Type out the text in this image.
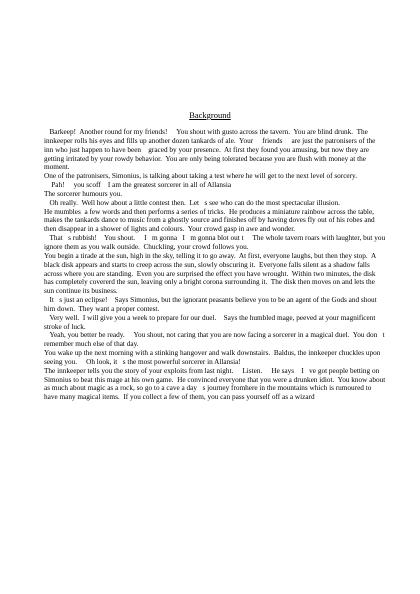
Background

Barkeep!  Another round for my friends!     You shout with gusto across the tavern.  You are blind drunk.  The innkeeper rolls his eyes and fills up another dozen tankards of ale.  Your     friends     are just the patronisers of the inn who just happen to have been    graced by your presence.  At first they found you amusing, but now they are getting irritated by your rowdy behavior.  You are only being tolerated because you are flush with money at the moment.

One of the patronisers, Simonius, is talking about taking a test where he will get to the next level of sorcery.

Pah!     you scoff    I am the greatest sorcerer in all of Allansia

The sorcerer humours you.

Oh really.  Well how about a little contest then.  Let   s see who can do the most spectacular illusion.

He mumbles  a few words and then performs a series of tricks.  He produces a miniature rainbow across the table, makes the tankards dance to music from a ghostly source and finishes off by having doves fly out of his robes and then disappear in a shower of lights and colours.  Your crowd gasp in awe and wonder.

That   s rubbish!    You shout.     I   m gonna   I   m gonna blot out t     The whole tavern roars with laughter, but you ignore them as you walk outside.  Chuckling, your crowd follows you.

You begin a tirade at the sun, high in the sky, telling it to go away.  At first, everyone laughs, but then they stop.  A black disk appears and starts to creep across the sun, slowly obscuring it.  Everyone falls silent as a shadow falls across where you are standing.  Even you are surprised the effect you have wrought.  Within two minutes, the disk has completely covererd the sun, leaving only a bright corona surrounding it.  The disk then moves on and lets the sun continue its business.

It   s just an eclipse!    Says Simonius, but the ignorant peasants believe you to be an agent of the Gods and shout him down.  They want a proper contest.

Very well.  I will give you a week to prepare for our duel.    Says the humbled mage, peeved at your magnificent stroke of luck.

Yeah, you better be ready.     You shout, not caring that you are now facing a sorcerer in a magical duel.  You don   t remember much else of that day.

You wake up the next morning with a stinking hangover and walk downstairs.  Baldus, the innkeeper chuckles upon seeing you.     Oh look, it   s the most powerful sorcerer in Allansia!

The innkeeper tells you the story of your exploits from last night.     Listen.     He says    I   ve got people betting on Simonius to beat this mage at his own game.  He convinced everyone that you were a drunken idiot.  You know about as much about magic as a rock, so go to a cave a day   s journey fromhere in the mountains which is rumoured to have many magical items.  If you collect a few of them, you can pass yourself off as a wizard
